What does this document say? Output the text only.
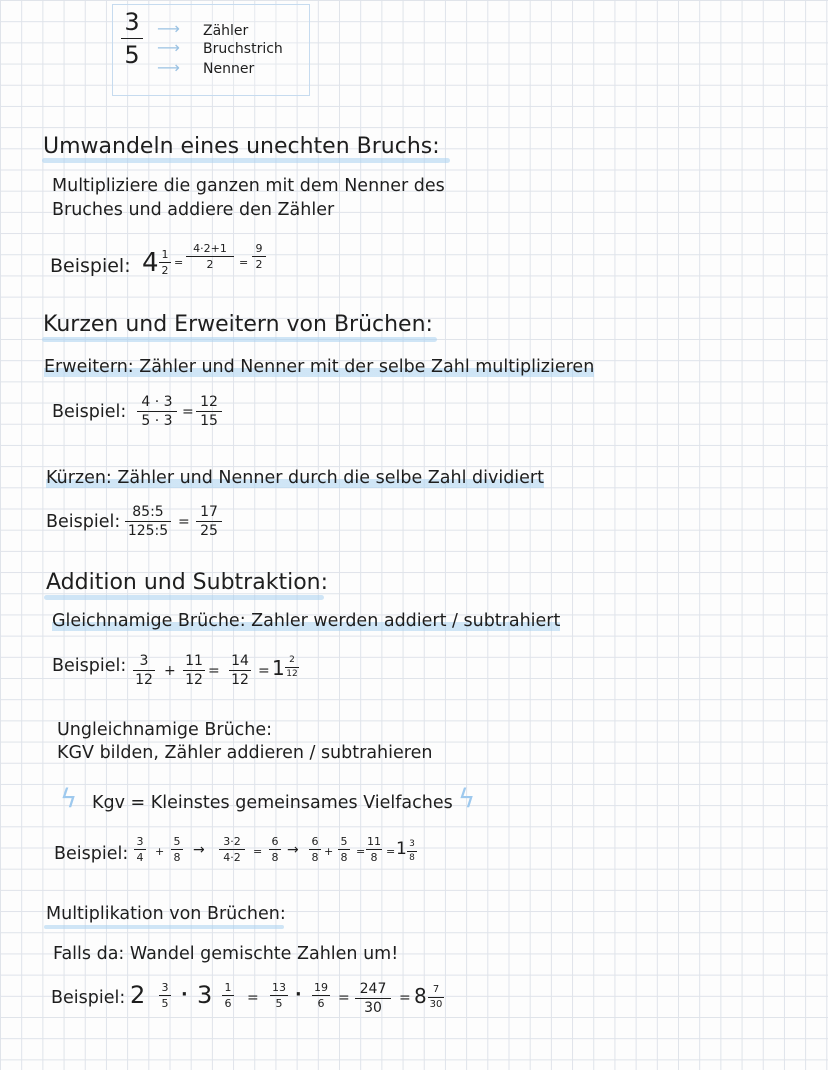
3
5
⟶
⟶
⟶
Zähler
Bruchstrich
Nenner
Umwandeln eines unechten Bruchs:
Multipliziere die ganzen mit dem Nenner des
Bruches und addiere den Zähler
Beispiel: 4 1
2
=
4·2+1
2	=
9
2
Kurzen und Erweitern von Brüchen:
Erweitern: Zähler und Nenner mit der selbe Zahl multiplizieren
Beispiel:	4 · 3
5 · 3
=
12
15
Kürzen: Zähler und Nenner durch die selbe Zahl dividiert
Beispiel: 85:5
125:5
=
17
25
Addition und Subtraktion:
Gleichnamige Brüche: Zahler werden addiert / subtrahiert
Beispiel: 3
12
+
11
12
=
14
12
= 1 2
12
Ungleichnamige Brüche:
KGV bilden, Zähler addieren / subtrahieren
ϟ Kgv = Kleinstes gemeinsames Vielfaches ϟ
Beispiel:
3
4 +
5
8 →
3·2
4·2	=
6
8 →
6
8 +
5
8 =
11
8 = 1 3
8
Multiplikation von Brüchen:
Falls da: Wandel gemischte Zahlen um!
Beispiel: 2 3
5 · 3 1
6 =
13
5 · 19
6 =
247
30
= 8 7
30
